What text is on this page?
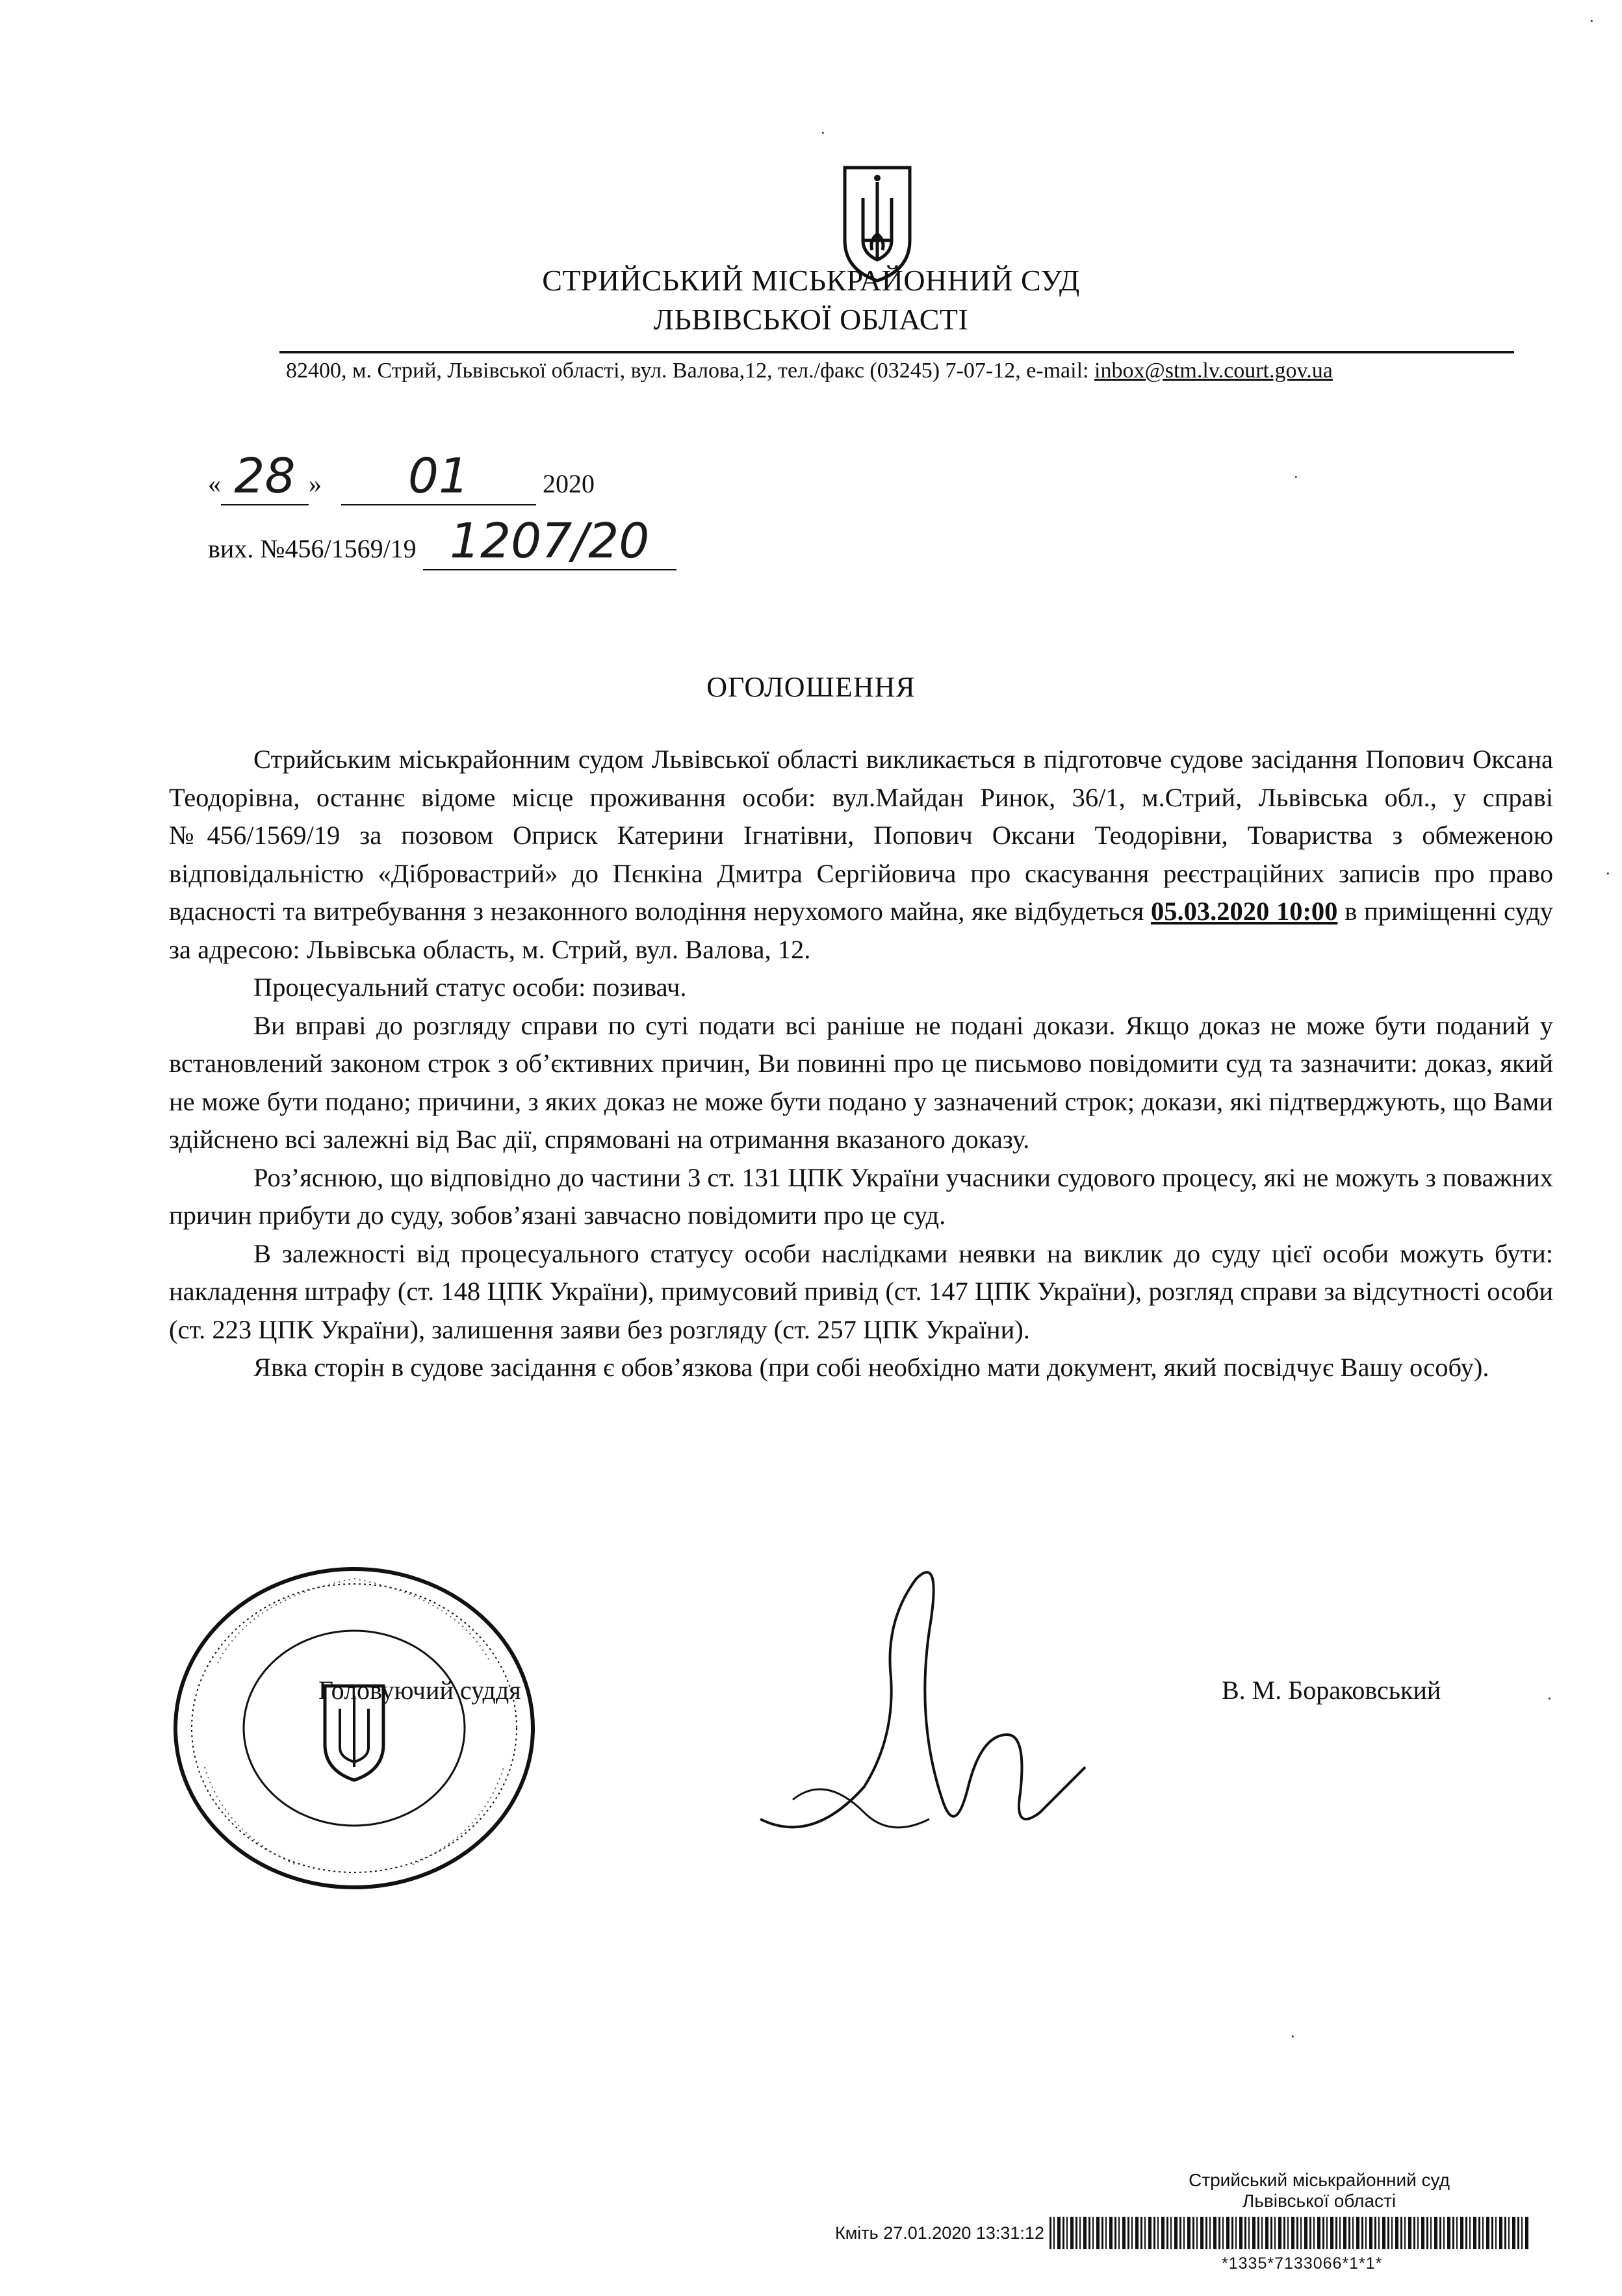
СТРИЙСЬКИЙ МІСЬКРАЙОННИЙ СУД
ЛЬВІВСЬКОЇ ОБЛАСТІ
82400, м. Стрий, Львівської області, вул. Валова,12, тел./факс (03245) 7-07-12, e-mail: inbox@stm.lv.court.gov.ua
« 28 » 01	2020
вих. №456/1569/19 1207/20
ОГОЛОШЕННЯ

Стрийським міськрайонним судом Львівської області викликається в підготовче судове засідання Попович Оксана Теодорівна, останнє відоме місце проживання особи: вул.Майдан Ринок, 36/1, м.Стрий, Львівська обл., у справі №456/1569/19 за позовом Оприск Катерини Ігнатівни, Попович Оксани Теодорівни, Товариства з обмеженою відповідальністю «Діброваcтрий» до Пєнкіна Дмитра Сергійовича про скасування реєстраційних записів про право вдасності та витребування з незаконного володіння нерухомого майна, яке відбудеться 05.03.2020 10:00 в приміщенні суду за адресою: Львівська область, м. Стрий, вул. Валова, 12.

Процесуальний статус особи: позивач.

Ви вправі до розгляду справи по суті подати всі раніше не подані докази. Якщо доказ не може бути поданий у встановлений законом строк з об’єктивних причин, Ви повинні про це письмово повідомити суд та зазначити: доказ, який не може бути подано; причини, з яких доказ не може бути подано у зазначений строк; докази, які підтверджують, що Вами здійснено всі залежні від Вас дії, спрямовані на отримання вказаного доказу.

Роз’яснюю, що відповідно до частини 3 ст. 131 ЦПК України учасники судового процесу, які не можуть з поважних причин прибути до суду, зобов’язані завчасно повідомити про це суд.

В залежності від процесуального статусу особи наслідками неявки на виклик до суду цієї особи можуть бути: накладення штрафу (ст. 148 ЦПК України), примусовий привід (ст. 147 ЦПК України), розгляд справи за відсутності особи (ст. 223 ЦПК України), залишення заяви без розгляду (ст. 257 ЦПК України).

Явка сторін в судове засідання є обов’язкова (при собі необхідно мати документ, який посвідчує Вашу особу).

Головуючий суддя	В. М. Бораковський
Стрийський міськрайонний суд
Львівської області
Кміть 27.01.2020 13:31:12
*1335*7133066*1*1*
·
·
·
·
·
·
